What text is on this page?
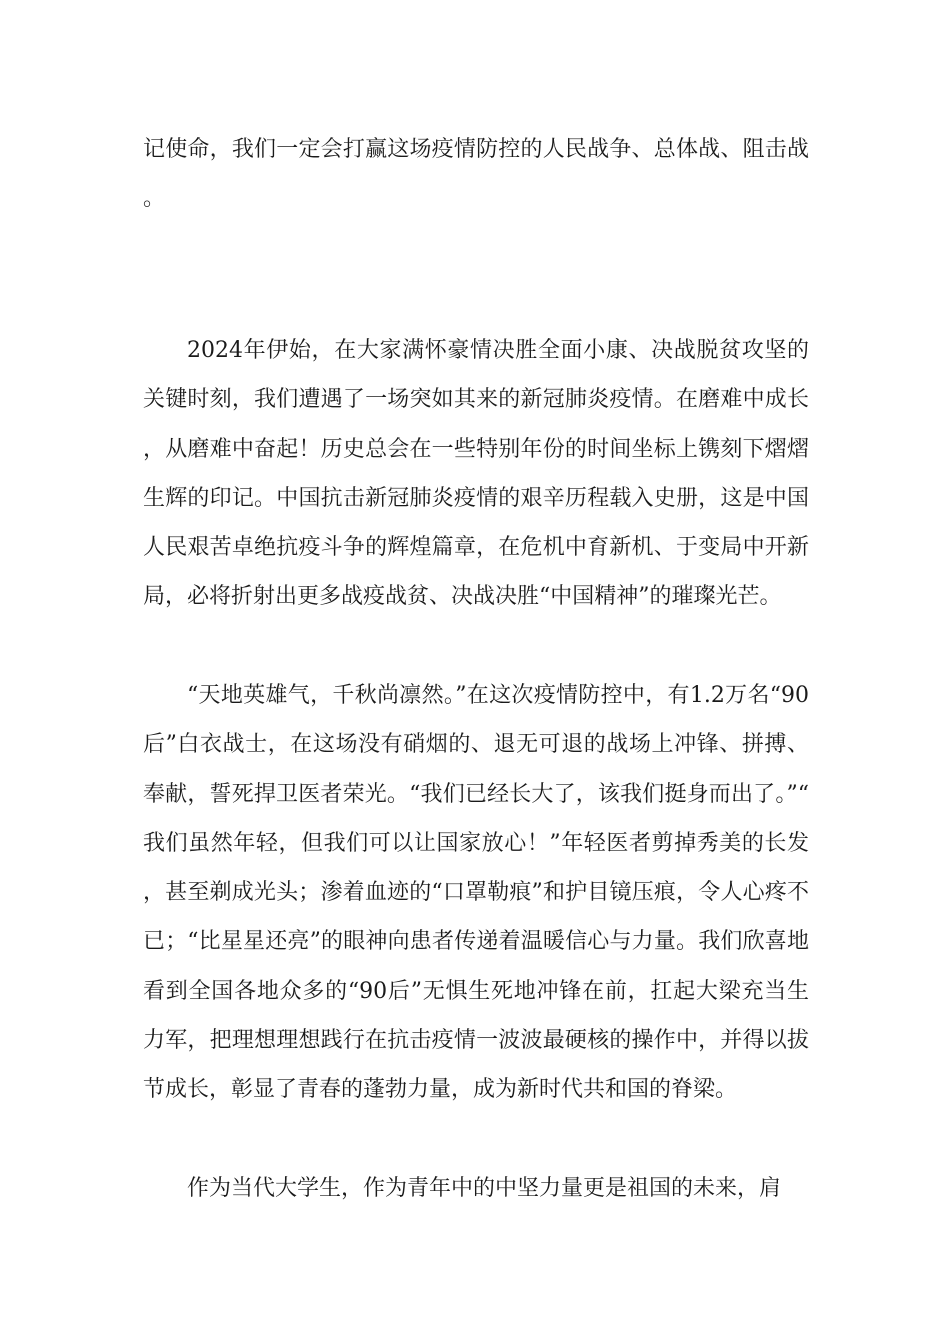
记使命，我们一定会打赢这场疫情防控的人民战争、总体战、阻击战。

2024年伊始，在大家满怀豪情决胜全面小康、决战脱贫攻坚的关键时刻，我们遭遇了一场突如其来的新冠肺炎疫情。在磨难中成长，从磨难中奋起！历史总会在一些特别年份的时间坐标上镌刻下熠熠生辉的印记。中国抗击新冠肺炎疫情的艰辛历程载入史册，这是中国人民艰苦卓绝抗疫斗争的辉煌篇章，在危机中育新机、于变局中开新局，必将折射出更多战疫战贫、决战决胜“中国精神”的璀璨光芒。

“天地英雄气，千秋尚凛然。”在这次疫情防控中，有1.2万名“90后”白衣战士，在这场没有硝烟的、退无可退的战场上冲锋、拼搏、奉献，誓死捍卫医者荣光。“我们已经长大了，该我们挺身而出了。”“我们虽然年轻，但我们可以让国家放心！”年轻医者剪掉秀美的长发，甚至剃成光头；渗着血迹的“口罩勒痕”和护目镜压痕，令人心疼不已；“比星星还亮”的眼神向患者传递着温暖信心与力量。我们欣喜地看到全国各地众多的“90后”无惧生死地冲锋在前，扛起大梁充当生力军，把理想理想践行在抗击疫情一波波最硬核的操作中，并得以拔节成长，彰显了青春的蓬勃力量，成为新时代共和国的脊梁。

作为当代大学生，作为青年中的中坚力量更是祖国的未来，肩
